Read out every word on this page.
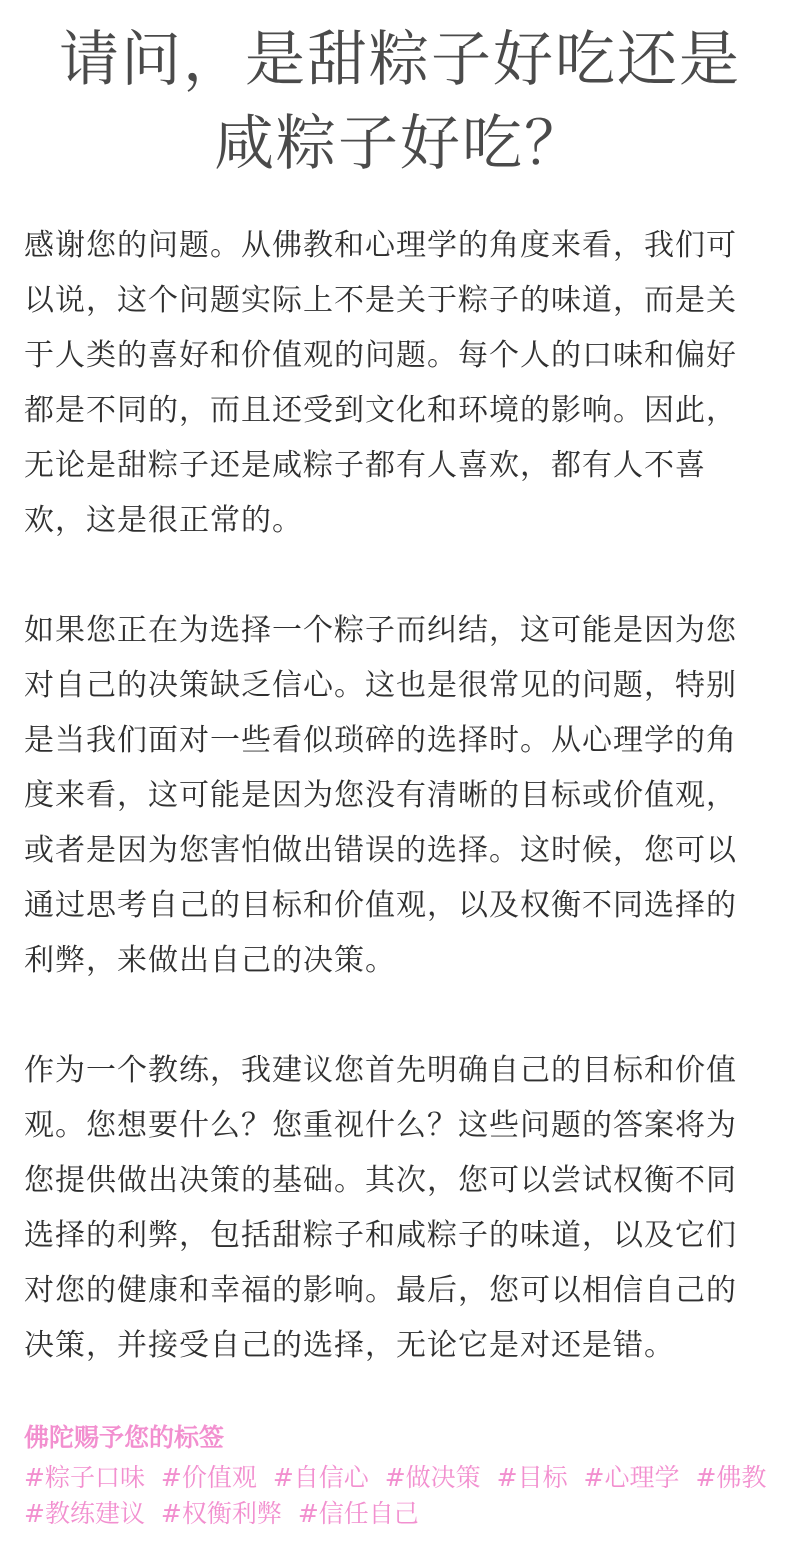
请问，是甜粽子好吃还是咸粽子好吃？

感谢您的问题。从佛教和心理学的角度来看，我们可以说，这个问题实际上不是关于粽子的味道，而是关于人类的喜好和价值观的问题。每个人的口味和偏好都是不同的，而且还受到文化和环境的影响。因此，无论是甜粽子还是咸粽子都有人喜欢，都有人不喜欢，这是很正常的。

如果您正在为选择一个粽子而纠结，这可能是因为您对自己的决策缺乏信心。这也是很常见的问题，特别是当我们面对一些看似琐碎的选择时。从心理学的角度来看，这可能是因为您没有清晰的目标或价值观，或者是因为您害怕做出错误的选择。这时候，您可以通过思考自己的目标和价值观，以及权衡不同选择的利弊，来做出自己的决策。

作为一个教练，我建议您首先明确自己的目标和价值观。您想要什么？您重视什么？这些问题的答案将为您提供做出决策的基础。其次，您可以尝试权衡不同选择的利弊，包括甜粽子和咸粽子的味道，以及它们对您的健康和幸福的影响。最后，您可以相信自己的决策，并接受自己的选择，无论它是对还是错。

佛陀赐予您的标签
#粽子口味 #价值观 #自信心 #做决策 #目标 #心理学 #佛教 #教练建议 #权衡利弊 #信任自己
